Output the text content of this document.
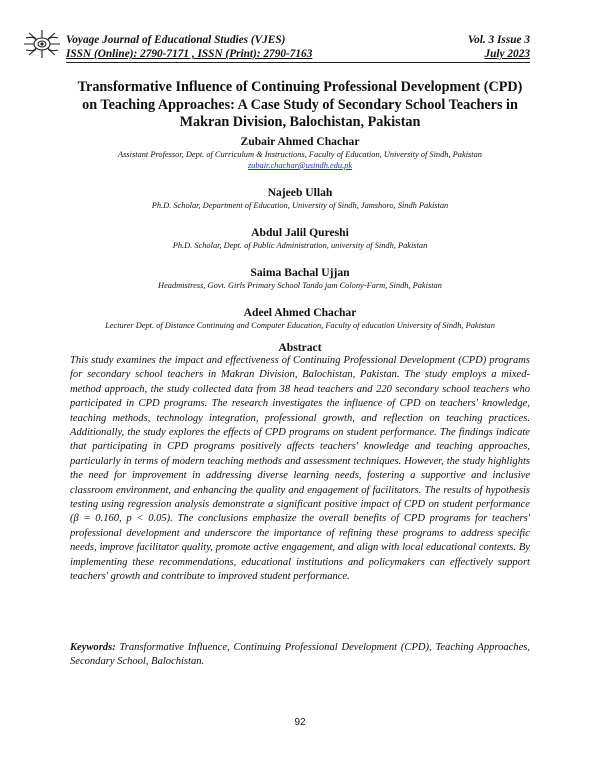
Voyage Journal of Educational Studies (VJES)
ISSN (Online): 2790-7171 , ISSN (Print): 2790-7163
Vol. 3 Issue 3
July 2023
Transformative Influence of Continuing Professional Development (CPD) on Teaching Approaches: A Case Study of Secondary School Teachers in Makran Division, Balochistan, Pakistan
Zubair Ahmed Chachar
Assistant Professor, Dept. of Curriculum & Instructions, Faculty of Education, University of Sindh, Pakistan
zubair.chachar@usindh.edu.pk
Najeeb Ullah
Ph.D. Scholar, Department of Education, University of Sindh, Jamshoro, Sindh Pakistan
Abdul Jalil Qureshi
Ph.D. Scholar, Dept. of Public Administration, university of Sindh, Pakistan
Saima Bachal Ujjan
Headmistress, Govt. Girls Primary School Tando jam Colony-Farm, Sindh, Pakistan
Adeel Ahmed Chachar
Lecturer Dept. of Distance Continuing and Computer Education, Faculty of education University of Sindh, Pakistan
Abstract
This study examines the impact and effectiveness of Continuing Professional Development (CPD) programs for secondary school teachers in Makran Division, Balochistan, Pakistan. The study employs a mixed-method approach, the study collected data from 38 head teachers and 220 secondary school teachers who participated in CPD programs. The research investigates the influence of CPD on teachers' knowledge, teaching methods, technology integration, professional growth, and reflection on teaching practices. Additionally, the study explores the effects of CPD programs on student performance. The findings indicate that participating in CPD programs positively affects teachers' knowledge and teaching approaches, particularly in terms of modern teaching methods and assessment techniques. However, the study highlights the need for improvement in addressing diverse learning needs, fostering a supportive and inclusive classroom environment, and enhancing the quality and engagement of facilitators. The results of hypothesis testing using regression analysis demonstrate a significant positive impact of CPD on student performance (β = 0.160, p < 0.05). The conclusions emphasize the overall benefits of CPD programs for teachers' professional development and underscore the importance of refining these programs to address specific needs, improve facilitator quality, promote active engagement, and align with local educational contexts. By implementing these recommendations, educational institutions and policymakers can effectively support teachers' growth and contribute to improved student performance.
Keywords: Transformative Influence, Continuing Professional Development (CPD), Teaching Approaches, Secondary School, Balochistan.
92
